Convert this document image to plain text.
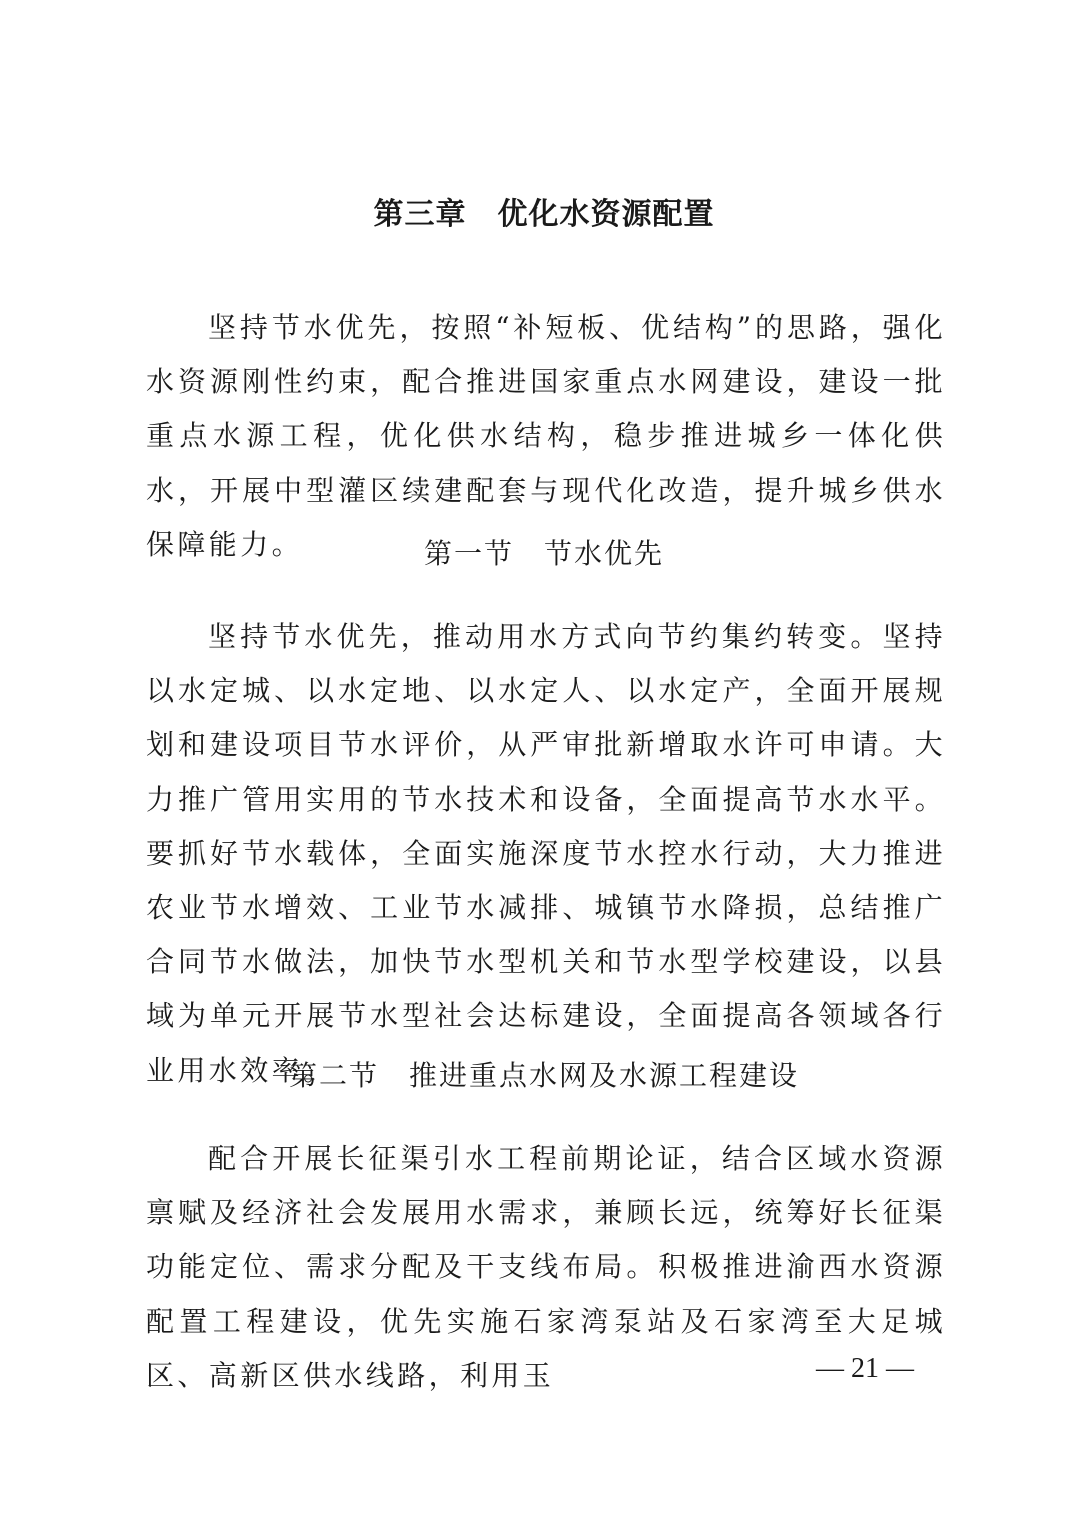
第三章　优化水资源配置

坚持节水优先，按照“补短板、优结构”的思路，强化水资源刚性约束，配合推进国家重点水网建设，建设一批重点水源工程，优化供水结构，稳步推进城乡一体化供水，开展中型灌区续建配套与现代化改造，提升城乡供水保障能力。	第一节　节水优先

坚持节水优先，推动用水方式向节约集约转变。坚持以水定城、以水定地、以水定人、以水定产，全面开展规划和建设项目节水评价，从严审批新增取水许可申请。大力推广管用实用的节水技术和设备，全面提高节水水平。要抓好节水载体，全面实施深度节水控水行动，大力推进农业节水增效、工业节水减排、城镇节水降损，总结推广合同节水做法，加快节水型机关和节水型学校建设，以县域为单元开展节水型社会达标建设，全面提高各领域各行业用水效率。

第二节　推进重点水网及水源工程建设

配合开展长征渠引水工程前期论证，结合区域水资源禀赋及经济社会发展用水需求，兼顾长远，统筹好长征渠功能定位、需求分配及干支线布局。积极推进渝西水资源配置工程建设，优先实施石家湾泵站及石家湾至大足城区、高新区供水线路，利用玉	— 21 —
